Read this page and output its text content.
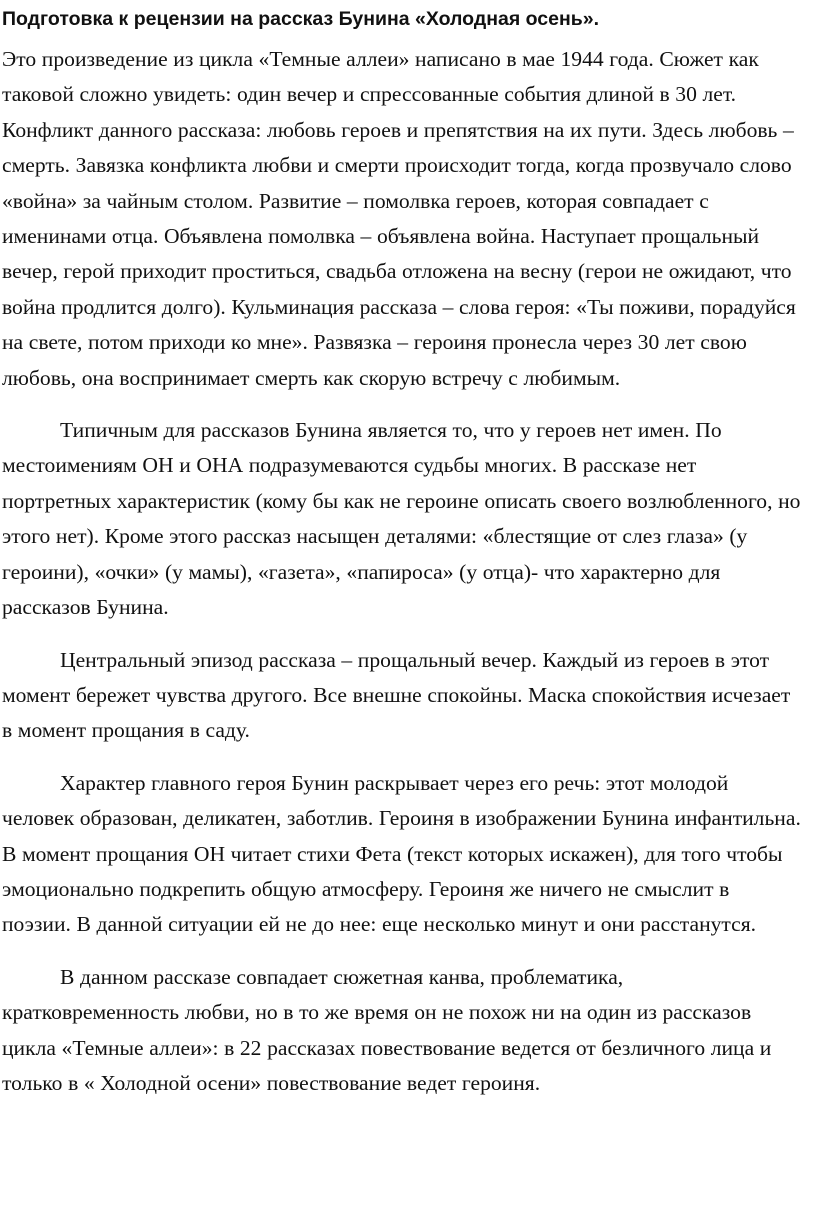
Подготовка к рецензии на рассказ Бунина «Холодная осень».

Это произведение из цикла «Темные аллеи» написано в мае 1944 года. Сюжет как таковой сложно увидеть: один вечер и спрессованные события длиной в 30 лет. Конфликт данного рассказа: любовь героев и препятствия на их пути. Здесь любовь – смерть. Завязка конфликта любви и смерти происходит тогда, когда прозвучало слово «война» за чайным столом. Развитие – помолвка героев, которая совпадает с именинами отца. Объявлена помолвка – объявлена война. Наступает прощальный вечер, герой приходит проститься, свадьба отложена на весну (герои не ожидают, что война продлится долго). Кульминация рассказа – слова героя: «Ты поживи, порадуйся на свете, потом приходи ко мне». Развязка – героиня пронесла через 30 лет свою любовь, она воспринимает смерть как скорую встречу с любимым.

Типичным для рассказов Бунина является то, что у героев нет имен. По местоимениям ОН и ОНА подразумеваются судьбы многих. В рассказе нет портретных характеристик (кому бы как не героине описать своего возлюбленного, но этого нет). Кроме этого рассказ насыщен деталями: «блестящие от слез глаза» (у героини), «очки» (у мамы), «газета», «папироса» (у отца)- что характерно для рассказов Бунина.

Центральный эпизод рассказа – прощальный вечер. Каждый из героев в этот момент бережет чувства другого. Все внешне спокойны. Маска спокойствия исчезает в момент прощания в саду.

Характер главного героя Бунин раскрывает через его речь: этот молодой человек образован, деликатен, заботлив. Героиня в изображении Бунина инфантильна. В момент прощания ОН читает стихи Фета (текст которых искажен), для того чтобы эмоционально подкрепить общую атмосферу. Героиня же ничего не смыслит в поэзии. В данной ситуации ей не до нее: еще несколько минут и они расстанутся.

В данном рассказе совпадает сюжетная канва, проблематика, кратковременность любви, но в то же время он не похож ни на один из рассказов цикла «Темные аллеи»: в 22 рассказах повествование ведется от безличного лица и только в « Холодной осени» повествование ведет героиня.
